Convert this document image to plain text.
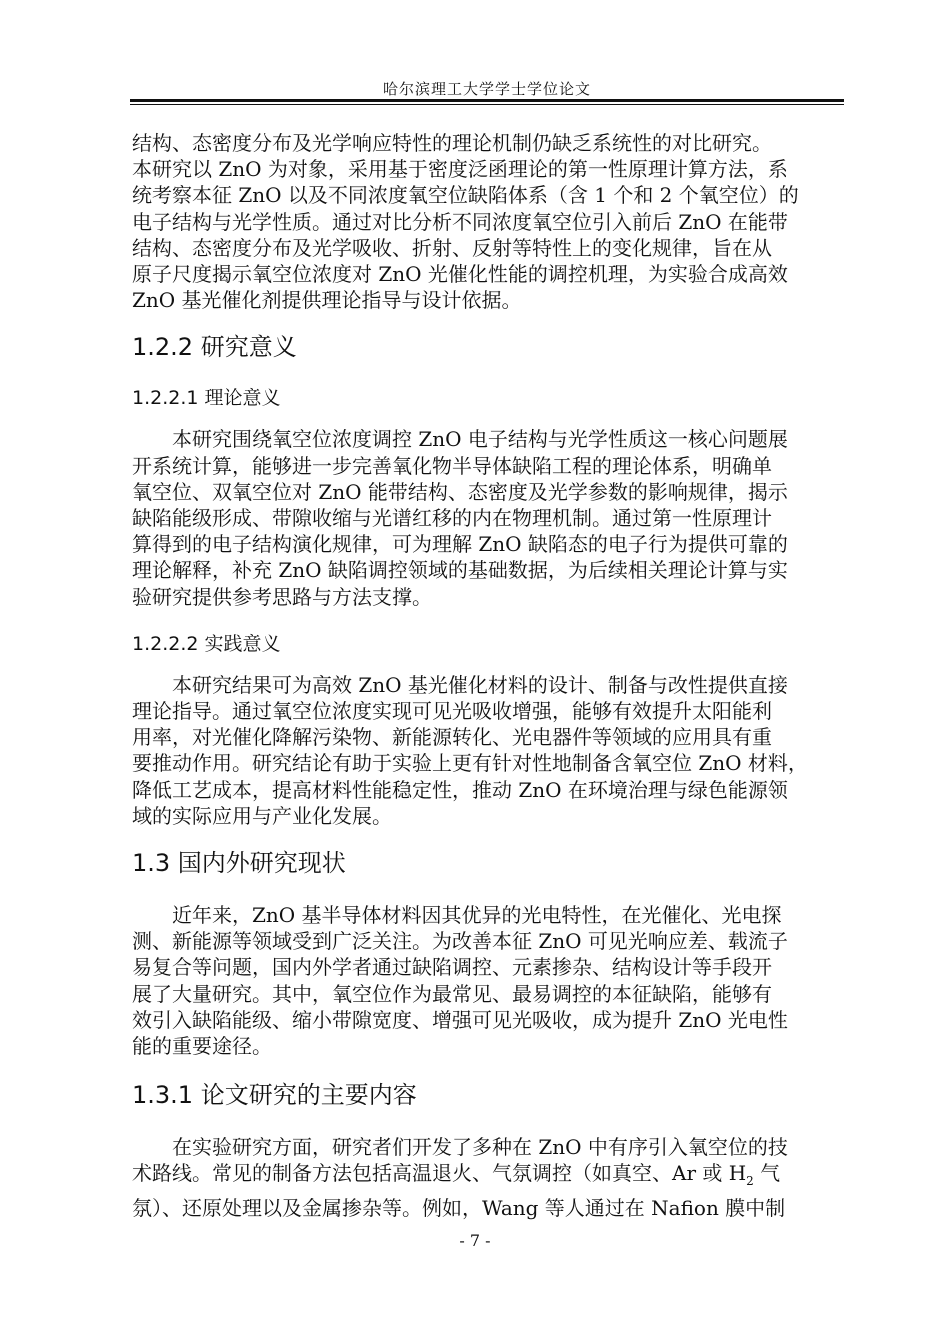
哈尔滨理工大学学士学位论文
结构、态密度分布及光学响应特性的理论机制仍缺乏系统性的对比研究。
本研究以 ZnO 为对象，采用基于密度泛函理论的第一性原理计算方法，系
统考察本征 ZnO 以及不同浓度氧空位缺陷体系（含 1 个和 2 个氧空位）的
电子结构与光学性质。通过对比分析不同浓度氧空位引入前后 ZnO 在能带
结构、态密度分布及光学吸收、折射、反射等特性上的变化规律，旨在从
原子尺度揭示氧空位浓度对 ZnO 光催化性能的调控机理，为实验合成高效
ZnO 基光催化剂提供理论指导与设计依据。
1.2.2 研究意义
1.2.2.1 理论意义
　　本研究围绕氧空位浓度调控 ZnO 电子结构与光学性质这一核心问题展
开系统计算，能够进一步完善氧化物半导体缺陷工程的理论体系，明确单
氧空位、双氧空位对 ZnO 能带结构、态密度及光学参数的影响规律，揭示
缺陷能级形成、带隙收缩与光谱红移的内在物理机制。通过第一性原理计
算得到的电子结构演化规律，可为理解 ZnO 缺陷态的电子行为提供可靠的
理论解释，补充 ZnO 缺陷调控领域的基础数据，为后续相关理论计算与实
验研究提供参考思路与方法支撑。
1.2.2.2 实践意义
　　本研究结果可为高效 ZnO 基光催化材料的设计、制备与改性提供直接
理论指导。通过氧空位浓度实现可见光吸收增强，能够有效提升太阳能利
用率，对光催化降解污染物、新能源转化、光电器件等领域的应用具有重
要推动作用。研究结论有助于实验上更有针对性地制备含氧空位 ZnO 材料，
降低工艺成本，提高材料性能稳定性，推动 ZnO 在环境治理与绿色能源领
域的实际应用与产业化发展。
1.3 国内外研究现状
　　近年来，ZnO 基半导体材料因其优异的光电特性，在光催化、光电探
测、新能源等领域受到广泛关注。为改善本征 ZnO 可见光响应差、载流子
易复合等问题，国内外学者通过缺陷调控、元素掺杂、结构设计等手段开
展了大量研究。其中，氧空位作为最常见、最易调控的本征缺陷，能够有
效引入缺陷能级、缩小带隙宽度、增强可见光吸收，成为提升 ZnO 光电性
能的重要途径。
1.3.1 论文研究的主要内容
　　在实验研究方面，研究者们开发了多种在 ZnO 中有序引入氧空位的技
术路线。常见的制备方法包括高温退火、气氛调控（如真空、Ar 或 $H_2$ 气
氛）、还原处理以及金属掺杂等。例如，Wang 等人通过在 Nafion 膜中制
- 7 -
